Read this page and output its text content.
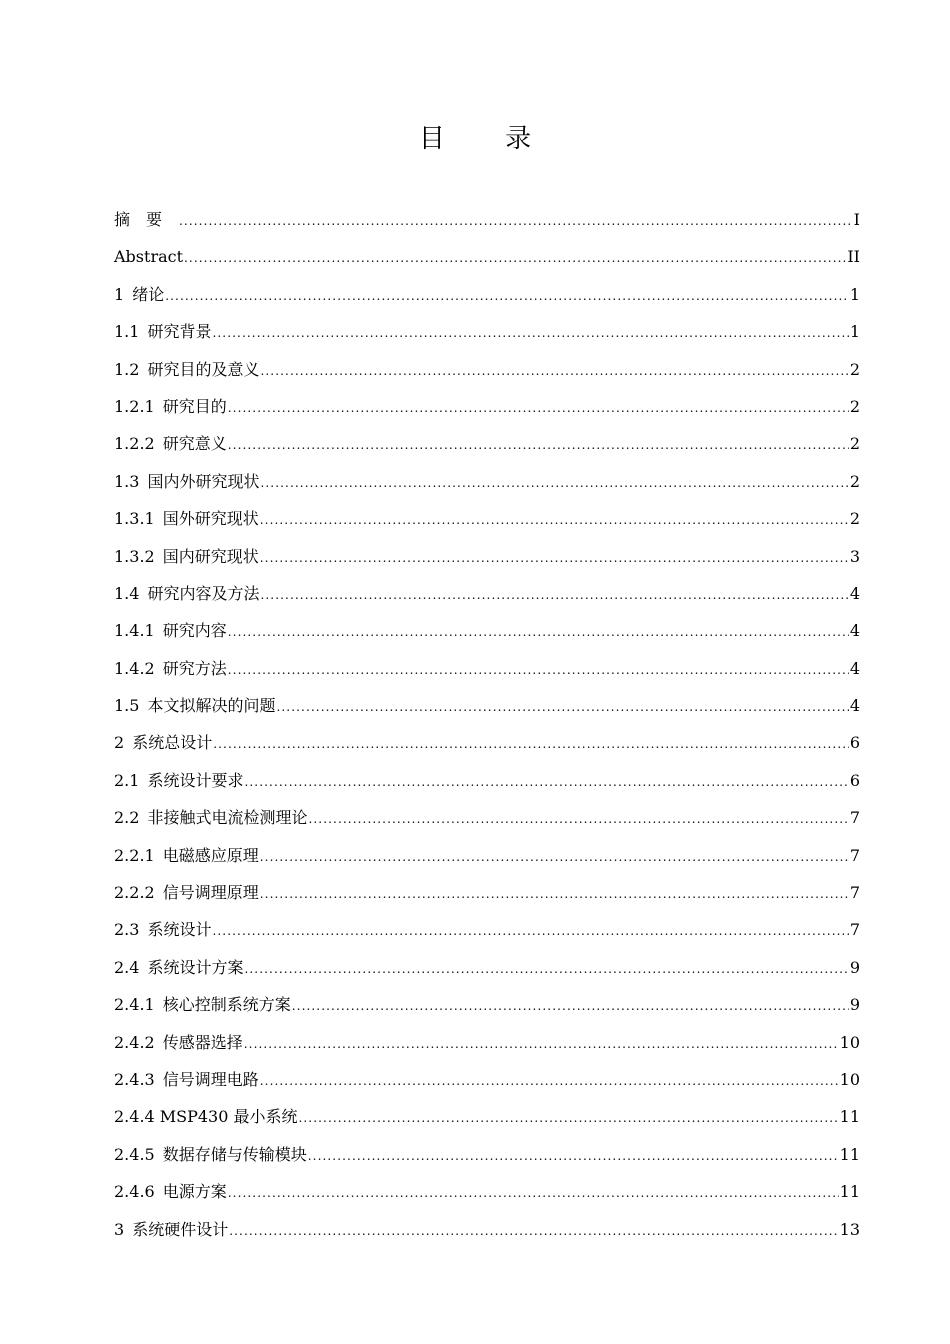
目 录
摘要 .....	I
Abstract .....	II
1 绪论 .....	1
1.1 研究背景 .....	1
1.2 研究目的及意义 .....	2
1.2.1 研究目的 .....	2
1.2.2 研究意义 .....	2
1.3 国内外研究现状 .....	2
1.3.1 国外研究现状 .....	2
1.3.2 国内研究现状 .....	3
1.4 研究内容及方法 .....	4
1.4.1 研究内容 .....	4
1.4.2 研究方法 .....	4
1.5 本文拟解决的问题 .....	4
2 系统总设计 .....	6
2.1 系统设计要求 .....	6
2.2 非接触式电流检测理论 .....	7
2.2.1 电磁感应原理 .....	7
2.2.2 信号调理原理 .....	7
2.3 系统设计 .....	7
2.4 系统设计方案 .....	9
2.4.1 核心控制系统方案 .....	9
2.4.2 传感器选择 .....	10
2.4.3 信号调理电路 .....	10
2.4.4 MSP430 最小系统 .....	11
2.4.5 数据存储与传输模块 .....	11
2.4.6 电源方案 .....	11
3 系统硬件设计 .....	13
